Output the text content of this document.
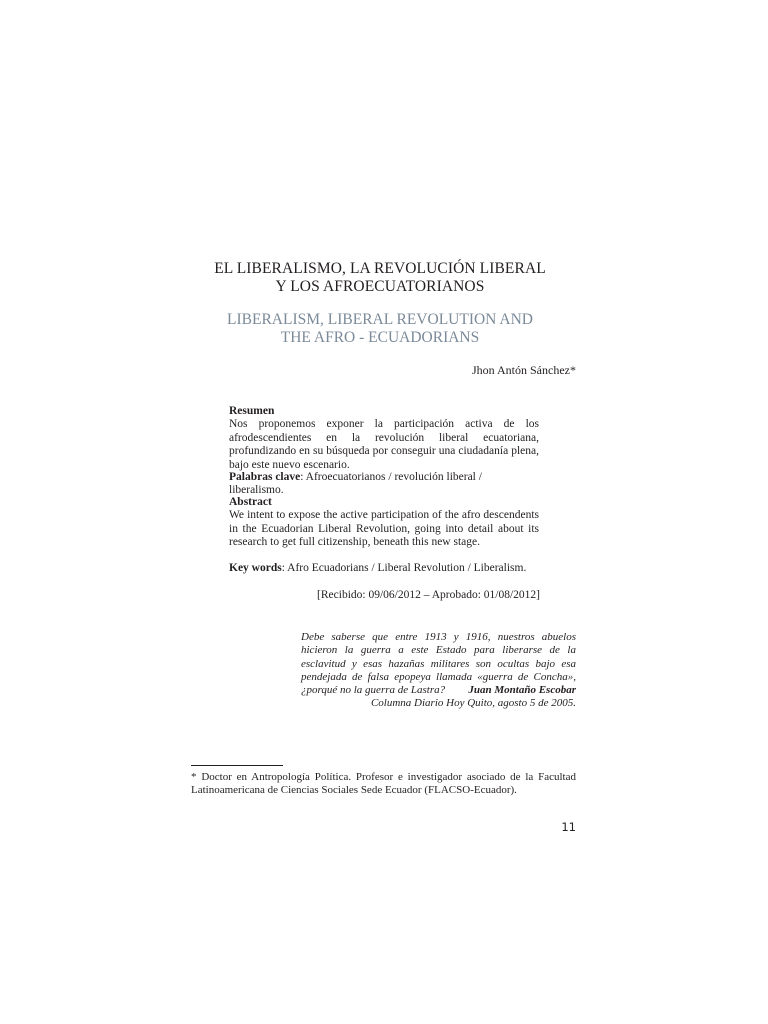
EL LIBERALISMO, LA REVOLUCIÓN LIBERAL
Y LOS AFROECUATORIANOS
LIBERALISM, LIBERAL REVOLUTION AND
THE AFRO - ECUADORIANS
Jhon Antón Sánchez*
Resumen
Nos proponemos exponer la participación activa de los afrodescendientes en la revolución liberal ecuatoriana, profundizando en su búsqueda por conseguir una ciudadanía plena, bajo este nuevo escenario.
Palabras clave: Afroecuatorianos / revolución liberal / liberalismo.
Abstract
We intent to expose the active participation of the afro descendents in the Ecuadorian Liberal Revolution, going into detail about its research to get full citizenship, beneath this new stage.
Key words: Afro Ecuadorians / Liberal Revolution / Liberalism.
[Recibido: 09/06/2012 – Aprobado: 01/08/2012]
Debe saberse que entre 1913 y 1916, nuestros abuelos hicieron la guerra a este Estado para liberarse de la esclavitud y esas hazañas militares son ocultas bajo esa pendejada de falsa epopeya llamada «guerra de Concha», ¿porqué no la guerra de Lastra?	Juan Montaño Escobar
Columna Diario Hoy Quito, agosto 5 de 2005.
* Doctor en Antropología Política. Profesor e investigador asociado de la Facultad Latinoamericana de Ciencias Sociales Sede Ecuador (FLACSO-Ecuador).
11
